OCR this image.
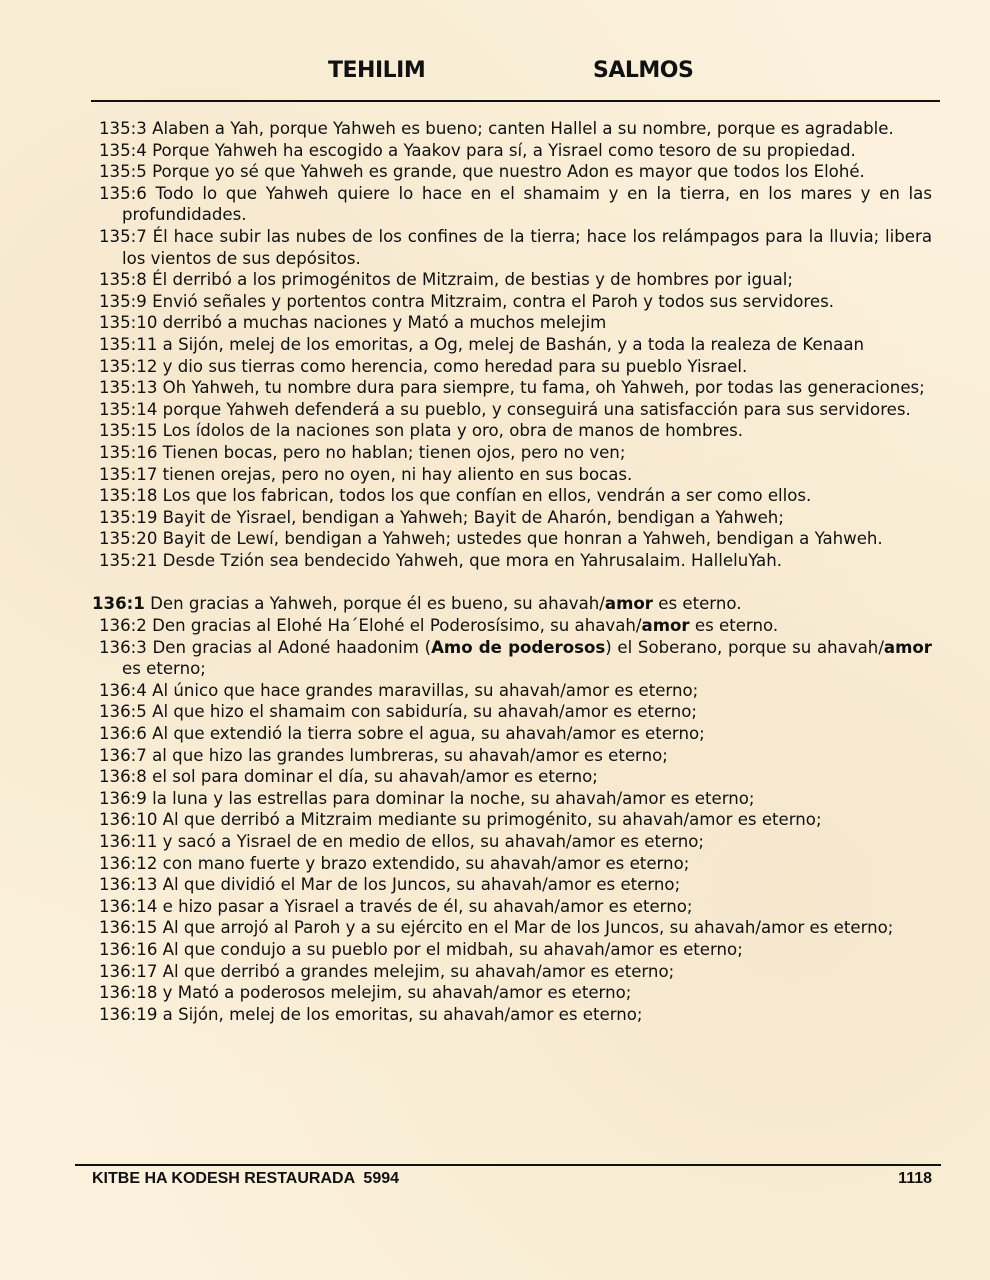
TEHILIM	SALMOS
135:3 Alaben a Yah, porque Yahweh es bueno; canten Hallel a su nombre, porque es agradable.
135:4 Porque Yahweh ha escogido a Yaakov para sí, a Yisrael como tesoro de su propiedad.
135:5 Porque yo sé que Yahweh es grande, que nuestro Adon es mayor que todos los Elohé.
135:6 Todo lo que Yahweh quiere lo hace en el shamaim y en la tierra, en los mares y en las profundidades.
135:7 Él hace subir las nubes de los confines de la tierra; hace los relámpagos para la lluvia; libera los vientos de sus depósitos.
135:8 Él derribó a los primogénitos de Mitzraim, de bestias y de hombres por igual;
135:9 Envió señales y portentos contra Mitzraim, contra el Paroh y todos sus servidores.
135:10 derribó a muchas naciones y Mató a muchos melejim
135:11 a Sijón, melej de los emoritas, a Og, melej de Bashán, y a toda la realeza de Kenaan
135:12 y dio sus tierras como herencia, como heredad para su pueblo Yisrael.
135:13 Oh Yahweh, tu nombre dura para siempre, tu fama, oh Yahweh, por todas las generaciones;
135:14 porque Yahweh defenderá a su pueblo, y conseguirá una satisfacción para sus servidores.
135:15 Los ídolos de la naciones son plata y oro, obra de manos de hombres.
135:16 Tienen bocas, pero no hablan; tienen ojos, pero no ven;
135:17 tienen orejas, pero no oyen, ni hay aliento en sus bocas.
135:18 Los que los fabrican, todos los que confían en ellos, vendrán a ser como ellos.
135:19 Bayit de Yisrael, bendigan a Yahweh; Bayit de Aharón, bendigan a Yahweh;
135:20 Bayit de Lewí, bendigan a Yahweh; ustedes que honran a Yahweh, bendigan a Yahweh.
135:21 Desde Tzión sea bendecido Yahweh, que mora en Yahrusalaim. HalleluYah.
136:1 Den gracias a Yahweh, porque él es bueno, su ahavah/amor es eterno.
136:2 Den gracias al Elohé Ha´Elohé el Poderosísimo, su ahavah/amor es eterno.
136:3 Den gracias al Adoné haadonim (Amo de poderosos) el Soberano, porque su ahavah/amor es eterno;
136:4 Al único que hace grandes maravillas, su ahavah/amor es eterno;
136:5 Al que hizo el shamaim con sabiduría, su ahavah/amor es eterno;
136:6 Al que extendió la tierra sobre el agua, su ahavah/amor es eterno;
136:7 al que hizo las grandes lumbreras, su ahavah/amor es eterno;
136:8 el sol para dominar el día, su ahavah/amor es eterno;
136:9 la luna y las estrellas para dominar la noche, su ahavah/amor es eterno;
136:10 Al que derribó a Mitzraim mediante su primogénito, su ahavah/amor es eterno;
136:11 y sacó a Yisrael de en medio de ellos, su ahavah/amor es eterno;
136:12 con mano fuerte y brazo extendido, su ahavah/amor es eterno;
136:13 Al que dividió el Mar de los Juncos, su ahavah/amor es eterno;
136:14 e hizo pasar a Yisrael a través de él, su ahavah/amor es eterno;
136:15 Al que arrojó al Paroh y a su ejército en el Mar de los Juncos, su ahavah/amor es eterno;
136:16 Al que condujo a su pueblo por el midbah, su ahavah/amor es eterno;
136:17 Al que derribó a grandes melejim, su ahavah/amor es eterno;
136:18 y Mató a poderosos melejim, su ahavah/amor es eterno;
136:19 a Sijón, melej de los emoritas, su ahavah/amor es eterno;
KITBE HA KODESH RESTAURADA  5994	1118
